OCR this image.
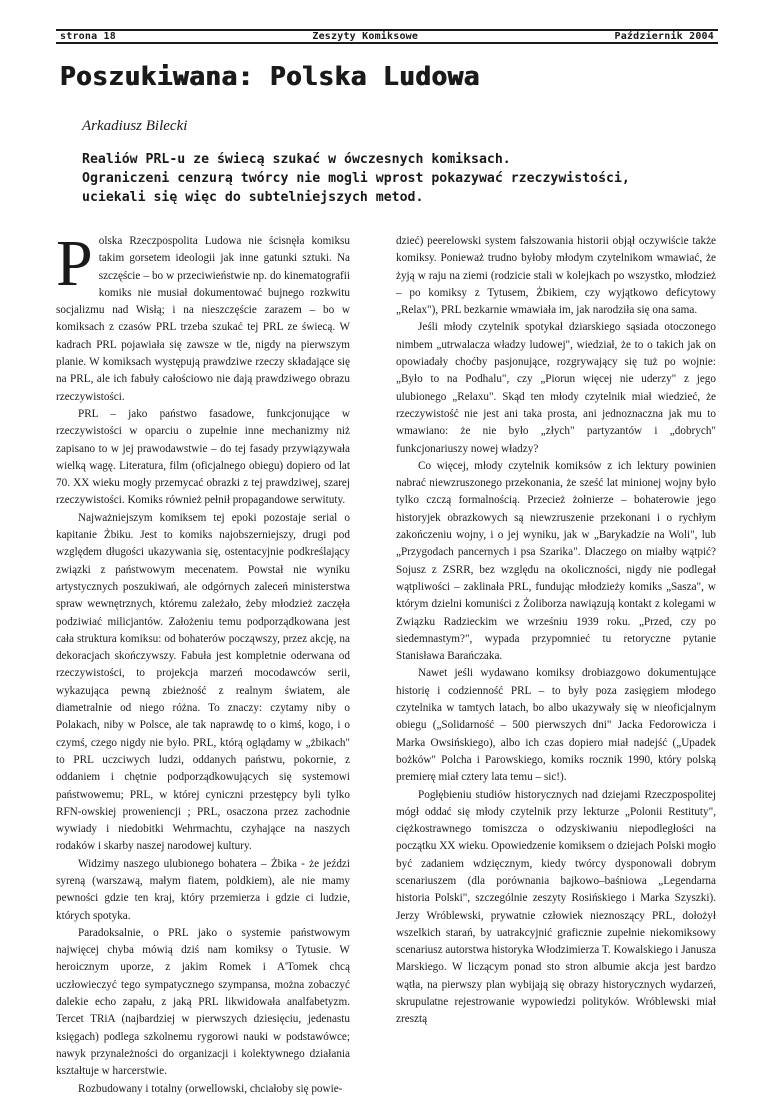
strona 18	Zeszyty Komiksowe	Październik 2004
Poszukiwana: Polska Ludowa
Arkadiusz Bilecki
Realiów PRL-u ze świecą szukać w ówczesnych komiksach.
Ograniczeni cenzurą twórcy nie mogli wprost pokazywać rzeczywistości,
uciekali się więc do subtelniejszych metod.

Polska Rzeczpospolita Ludowa nie ścisnęła komiksu takim gorsetem ideologii jak inne gatunki sztuki. Na szczęście – bo w przeciwieństwie np. do kinematografii komiks nie musiał dokumentować bujnego rozkwitu socjalizmu nad Wisłą; i na nieszczęście zarazem – bo w komiksach z czasów PRL trzeba szukać tej PRL ze świecą. W kadrach PRL pojawiała się zawsze w tle, nigdy na pierwszym planie. W komiksach występują prawdziwe rzeczy składające się na PRL, ale ich fabuły całościowo nie dają prawdziwego obrazu rzeczywistości.

PRL – jako państwo fasadowe, funkcjonujące w rzeczywistości w oparciu o zupełnie inne mechanizmy niż zapisano to w jej prawodawstwie – do tej fasady przywiązywała wielką wagę. Literatura, film (oficjalnego obiegu) dopiero od lat 70. XX wieku mogły przemycać obrazki z tej prawdziwej, szarej rzeczywistości. Komiks również pełnił propagandowe serwituty.

Najważniejszym komiksem tej epoki pozostaje serial o kapitanie Żbiku. Jest to komiks najobszerniejszy, drugi pod względem długości ukazywania się, ostentacyjnie podkreślający związki z państwowym mecenatem. Powstał nie wyniku artystycznych poszukiwań, ale odgórnych zaleceń ministerstwa spraw wewnętrznych, któremu zależało, żeby młodzież zaczęła podziwiać milicjantów. Założeniu temu podporządkowana jest cała struktura komiksu: od bohaterów począwszy, przez akcję, na dekoracjach skończywszy. Fabuła jest kompletnie oderwana od rzeczywistości, to projekcja marzeń mocodawców serii, wykazująca pewną zbieżność z realnym światem, ale diametralnie od niego różna. To znaczy: czytamy niby o Polakach, niby w Polsce, ale tak naprawdę to o kimś, kogo, i o czymś, czego nigdy nie było. PRL, którą oglądamy w „żbikach" to PRL uczciwych ludzi, oddanych państwu, pokornie, z oddaniem i chętnie podporządkowujących się systemowi państwowemu; PRL, w której cyniczni przestępcy byli tylko RFN-owskiej proweniencji ; PRL, osaczona przez zachodnie wywiady i niedobitki Wehrmachtu, czyhające na naszych rodaków i skarby naszej narodowej kultury.

Widzimy naszego ulubionego bohatera – Żbika - że jeździ syreną (warszawą, małym fiatem, poldkiem), ale nie mamy pewności gdzie ten kraj, który przemierza i gdzie ci ludzie, których spotyka.

Paradoksalnie, o PRL jako o systemie państwowym najwięcej chyba mówią dziś nam komiksy o Tytusie. W heroicznym uporze, z jakim Romek i A'Tomek chcą uczłowieczyć tego sympatycznego szympansa, można zobaczyć dalekie echo zapału, z jaką PRL likwidowała analfabetyzm. Tercet TRiA (najbardziej w pierwszych dziesięciu, jedenastu księgach) podlega szkolnemu rygorowi nauki w podstawówce; nawyk przynależności do organizacji i kolektywnego działania kształtuje w harcerstwie.

Rozbudowany i totalny (orwellowski, chciałoby się powie-

dzieć) peerelowski system fałszowania historii objął oczywiście także komiksy. Ponieważ trudno byłoby młodym czytelnikom wmawiać, że żyją w raju na ziemi (rodzicie stali w kolejkach po wszystko, młodzież – po komiksy z Tytusem, Żbikiem, czy wyjątkowo deficytowy „Relax"), PRL bezkarnie wmawiała im, jak narodziła się ona sama.

Jeśli młody czytelnik spotykał dziarskiego sąsiada otoczonego nimbem „utrwalacza władzy ludowej", wiedział, że to o takich jak on opowiadały choćby pasjonujące, rozgrywający się tuż po wojnie: „Było to na Podhalu", czy „Piorun więcej nie uderzy" z jego ulubionego „Relaxu". Skąd ten młody czytelnik miał wiedzieć, że rzeczywistość nie jest ani taka prosta, ani jednoznaczna jak mu to wmawiano: że nie było „złych" partyzantów i „dobrych" funkcjonariuszy nowej władzy?

Co więcej, młody czytelnik komiksów z ich lektury powinien nabrać niewzruszonego przekonania, że sześć lat minionej wojny było tylko czczą formalnością. Przecież żołnierze – bohaterowie jego historyjek obrazkowych są niewzruszenie przekonani i o rychłym zakończeniu wojny, i o jej wyniku, jak w „Barykadzie na Woli", lub „Przygodach pancernych i psa Szarika". Dlaczego on miałby wątpić? Sojusz z ZSRR, bez względu na okoliczności, nigdy nie podlegał wątpliwości – zaklinała PRL, fundując młodzieży komiks „Sasza", w którym dzielni komuniści z Żoliborza nawiązują kontakt z kolegami w Związku Radzieckim we wrześniu 1939 roku. „Przed, czy po siedemnastym?", wypada przypomnieć tu retoryczne pytanie Stanisława Barańczaka.

Nawet jeśli wydawano komiksy drobiazgowo dokumentujące historię i codzienność PRL – to były poza zasięgiem młodego czytelnika w tamtych latach, bo albo ukazywały się w nieoficjalnym obiegu („Solidarność – 500 pierwszych dni" Jacka Fedorowicza i Marka Owsińskiego), albo ich czas dopiero miał nadejść („Upadek bożków" Polcha i Parowskiego, komiks rocznik 1990, który polską premierę miał cztery lata temu – sic!).

Pogłębieniu studiów historycznych nad dziejami Rzeczpospolitej mógł oddać się młody czytelnik przy lekturze „Polonii Restituty", ciężkostrawnego tomiszcza o odzyskiwaniu niepodległości na początku XX wieku. Opowiedzenie komiksem o dziejach Polski mogło być zadaniem wdzięcznym, kiedy twórcy dysponowali dobrym scenariuszem (dla porównania bajkowo–baśniowa „Legendarna historia Polski", szczególnie zeszyty Rosińskiego i Marka Szyszki). Jerzy Wróblewski, prywatnie człowiek nieznoszący PRL, dołożył wszelkich starań, by uatrakcyjnić graficznie zupełnie niekomiksowy scenariusz autorstwa historyka Włodzimierza T. Kowalskiego i Janusza Marskiego. W liczącym ponad sto stron albumie akcja jest bardzo wątła, na pierwszy plan wybijają się obrazy historycznych wydarzeń, skrupulatne rejestrowanie wypowiedzi polityków. Wróblewski miał zresztą
